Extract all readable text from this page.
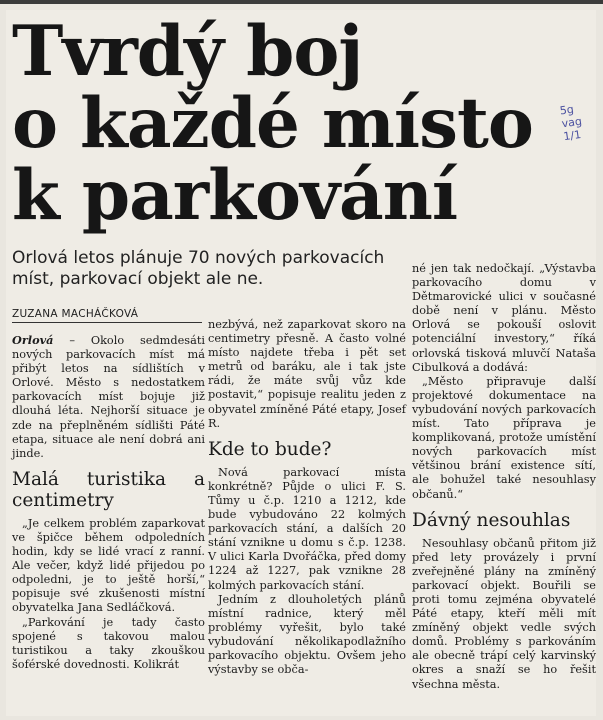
Tvrdý boj
o každé místo
k parkování
5g
vag
1/1

Orlová letos plánuje 70 nových parkovacích míst, parkovací objekt ale ne.

ZUZANA MACHÁČKOVÁ

Orlová – Okolo sedmdesáti nových parkovacích míst má přibýt letos na sídlištích v Orlové. Město s nedostatkem parkovacích míst bojuje již dlouhá léta. Nejhorší situace je zde na přeplněném sídlišti Páté etapa, situace ale není dobrá ani jinde.

Malá turistika a centimetry

„Je celkem problém zaparkovat ve špičce během odpoledních hodin, kdy se lidé vrací z ranní. Ale večer, když lidé přijedou po odpoledni, je to ještě horší,“ popisuje své zkušenosti místní obyvatelka Jana Sedláčková.

„Parkování je tady často spojené s takovou malou turistikou a taky zkouškou šoférské dovednosti. Kolikrát

nezbývá, než zaparkovat skoro na centimetry přesně. A často volné místo najdete třeba i pět set metrů od baráku, ale i tak jste rádi, že máte svůj vůz kde postavit,“ popisuje realitu jeden z obyvatel zmíněné Páté etapy, Josef R.

Kde to bude?

Nová parkovací místa konkrétně? Půjde o ulici F. S. Tůmy u č.p. 1210 a 1212, kde bude vybudováno 22 kolmých parkovacích stání, a dalších 20 stání vznikne u domu s č.p. 1238. V ulici Karla Dvořáčka, před domy 1224 až 1227, pak vznikne 28 kolmých parkovacích stání.

Jedním z dlouholetých plánů místní radnice, který měl problémy vyřešit, bylo také vybudování několikapodlažního parkovacího objektu. Ovšem jeho výstavby se obča-

né jen tak nedočkají. „Výstavba parkovacího domu v Dětmarovické ulici v současné době není v plánu. Město Orlová se pokouší oslovit potenciální investory,“ říká orlovská tisková mluvčí Nataša Cibulková a dodává:

„Město připravuje další projektové dokumentace na vybudování nových parkovacích míst. Tato příprava je komplikovaná, protože umístění nových parkovacích míst většinou brání existence sítí, ale bohužel také nesouhlasy občanů.“

Dávný nesouhlas

Nesouhlasy občanů přitom již před lety provázely i první zveřejněné plány na zmíněný parkovací objekt. Bouřili se proti tomu zejména obyvatelé Páté etapy, kteří měli mít zmíněný objekt vedle svých domů. Problémy s parkováním ale obecně trápí celý karvinský okres a snaží se ho řešit všechna města.
